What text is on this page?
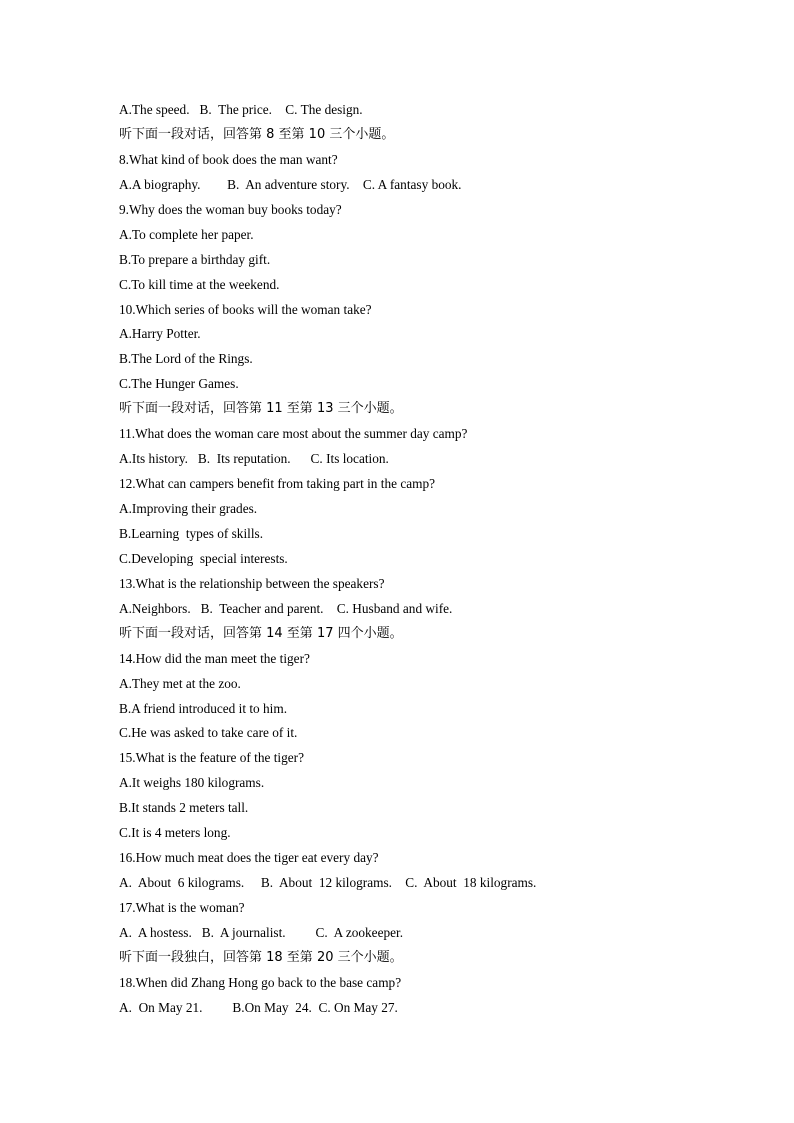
A.The speed.   B.  The price.    C. The design.
听下面一段对话，回答第 8 至第 10 三个小题。
8.What kind of book does the man want?
A.A biography.        B.  An adventure story.    C. A fantasy book.
9.Why does the woman buy books today?
A.To complete her paper.
B.To prepare a birthday gift.
C.To kill time at the weekend.
10.Which series of books will the woman take?
A.Harry Potter.
B.The Lord of the Rings.
C.The Hunger Games.
听下面一段对话，回答第 11 至第 13 三个小题。
11.What does the woman care most about the summer day camp?
A.Its history.   B.  Its reputation.      C. Its location.
12.What can campers benefit from taking part in the camp?
A.Improving their grades.
B.Learning  types of skills.
C.Developing  special interests.
13.What is the relationship between the speakers?
A.Neighbors.   B.  Teacher and parent.    C. Husband and wife.
听下面一段对话，回答第 14 至第 17 四个小题。
14.How did the man meet the tiger?
A.They met at the zoo.
B.A friend introduced it to him.
C.He was asked to take care of it.
15.What is the feature of the tiger?
A.It weighs 180 kilograms.
B.It stands 2 meters tall.
C.It is 4 meters long.
16.How much meat does the tiger eat every day?
A.  About  6 kilograms.     B.  About  12 kilograms.    C.  About  18 kilograms.
17.What is the woman?
A.  A hostess.   B.  A journalist.         C.  A zookeeper.
听下面一段独白，回答第 18 至第 20 三个小题。
18.When did Zhang Hong go back to the base camp?
A.  On May 21.         B.On May  24.  C. On May 27.
